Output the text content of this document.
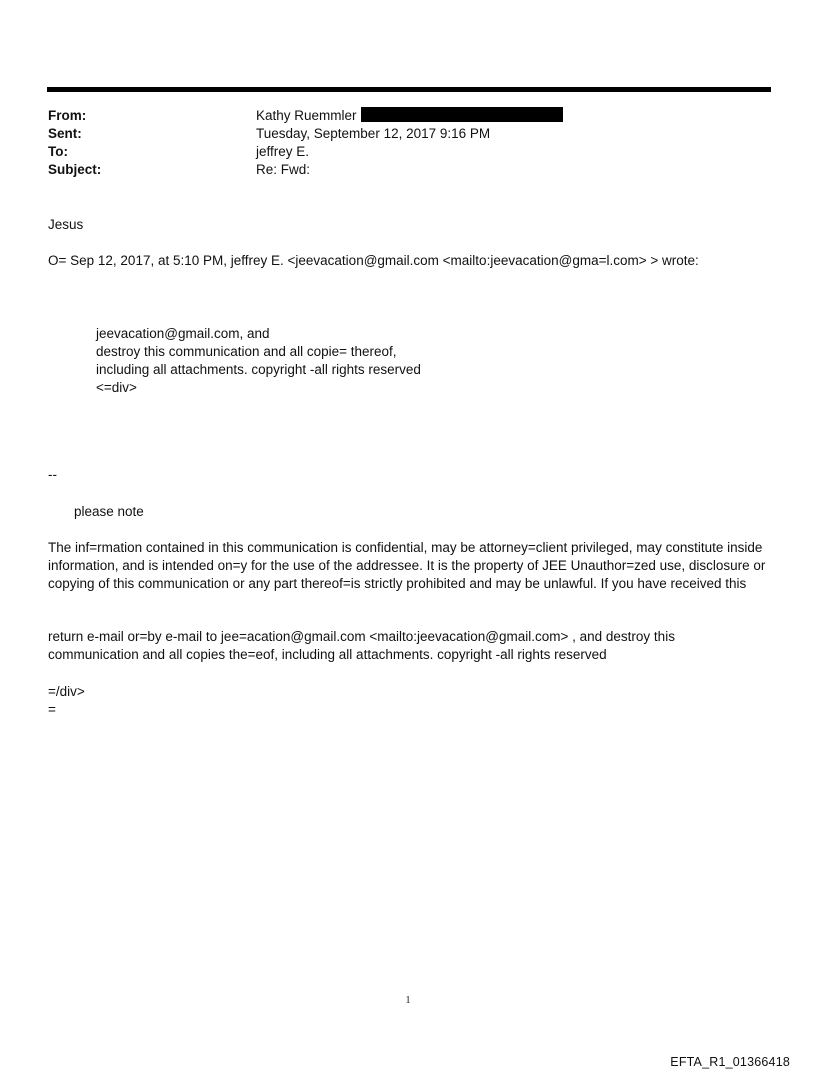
From:	Kathy Ruemmler
Sent:	Tuesday, September 12, 2017 9:16 PM
To:	jeffrey E.
Subject:	Re: Fwd:
Jesus
O= Sep 12, 2017, at 5:10 PM, jeffrey E. <jeevacation@gmail.com <mailto:jeevacation@gma=l.com> > wrote:
jeevacation@gmail.com, and
destroy this communication and all copie= thereof,
including all attachments. copyright -all rights reserved
<=div>
--
please note
The inf=rmation contained in this communication is confidential, may be attorney=client privileged, may constitute inside information, and is intended on=y for the use of the addressee. It is the property of JEE Unauthor=zed use, disclosure or copying of this communication or any part thereof=is strictly prohibited and may be unlawful. If you have received this
return e-mail or=by e-mail to jee=acation@gmail.com <mailto:jeevacation@gmail.com> , and destroy this communication and all copies the=eof, including all attachments. copyright -all rights reserved
=/div>
=
1
EFTA_R1_01366418
